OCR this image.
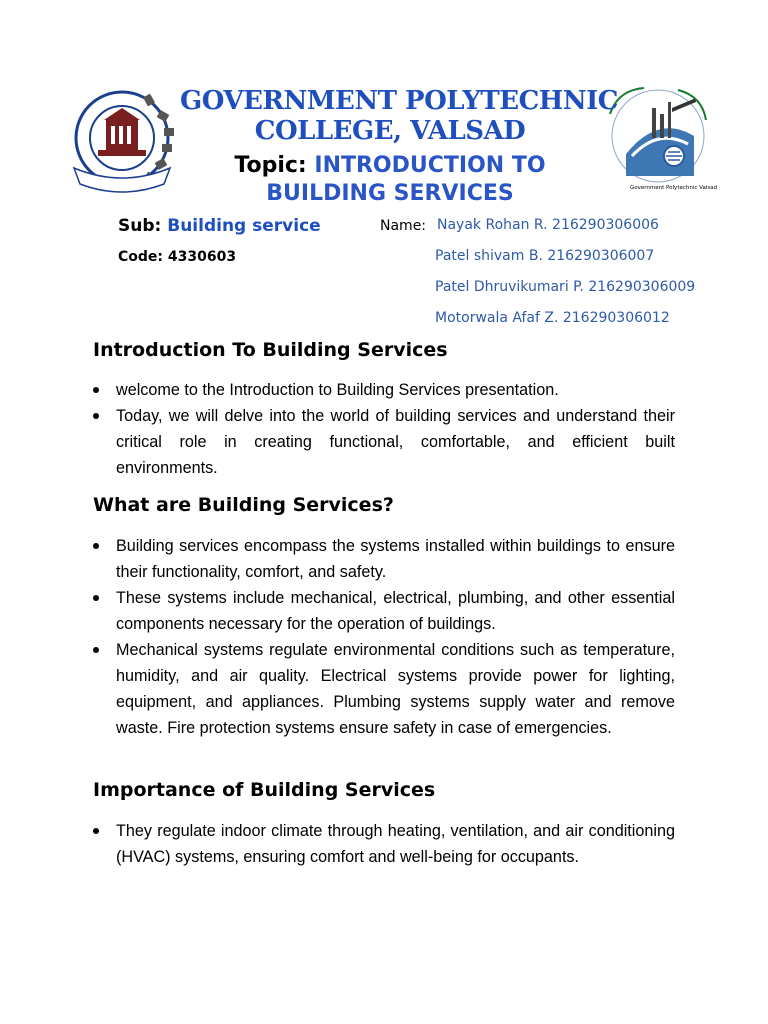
Government Polytechnic Valsad
GOVERNMENT POLYTECHNIC
COLLEGE, VALSAD
Topic: INTRODUCTION TO
BUILDING SERVICES
Sub: Building service
Code: 4330603
Name: Nayak Rohan R. 216290306006
Patel shivam B. 216290306007
Patel Dhruvikumari P. 216290306009
Motorwala Afaf Z. 216290306012
Introduction To Building Services
welcome to the Introduction to Building Services presentation.
Today, we will delve into the world of building services and understand their critical role in creating functional, comfortable, and efficient built environments.
What are Building Services?
Building services encompass the systems installed within buildings to ensure their functionality, comfort, and safety.
These systems include mechanical, electrical, plumbing, and other essential components necessary for the operation of buildings.
Mechanical systems regulate environmental conditions such as temperature, humidity, and air quality. Electrical systems provide power for lighting, equipment, and appliances. Plumbing systems supply water and remove waste. Fire protection systems ensure safety in case of emergencies.
Importance of Building Services
They regulate indoor climate through heating, ventilation, and air conditioning (HVAC) systems, ensuring comfort and well-being for occupants.
